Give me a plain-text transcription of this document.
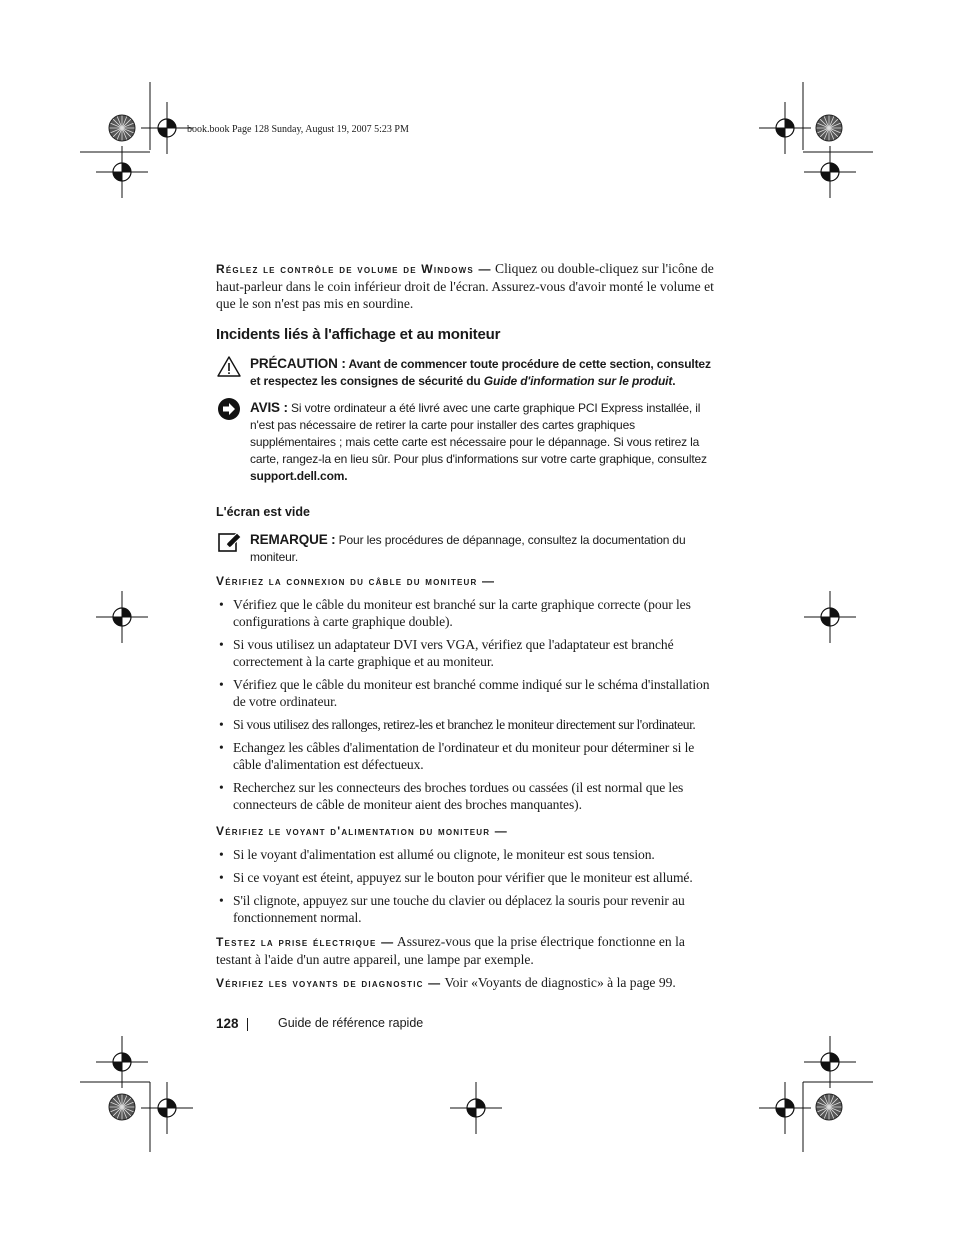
book.book Page 128 Sunday, August 19, 2007 5:23 PM
Réglez le contrôle de volume de Windows — Cliquez ou double-cliquez sur l'icône de haut-parleur dans le coin inférieur droit de l'écran. Assurez-vous d'avoir monté le volume et que le son n'est pas mis en sourdine.
Incidents liés à l'affichage et au moniteur
PRÉCAUTION : Avant de commencer toute procédure de cette section, consultez et respectez les consignes de sécurité du Guide d'information sur le produit.
AVIS : Si votre ordinateur a été livré avec une carte graphique PCI Express installée, il n'est pas nécessaire de retirer la carte pour installer des cartes graphiques supplémentaires ; mais cette carte est nécessaire pour le dépannage. Si vous retirez la carte, rangez-la en lieu sûr. Pour plus d'informations sur votre carte graphique, consultez support.dell.com.
L'écran est vide
REMARQUE : Pour les procédures de dépannage, consultez la documentation du moniteur.
Vérifiez la connexion du câble du moniteur —
• Vérifiez que le câble du moniteur est branché sur la carte graphique correcte (pour les configurations à carte graphique double).
• Si vous utilisez un adaptateur DVI vers VGA, vérifiez que l'adaptateur est branché correctement à la carte graphique et au moniteur.
• Vérifiez que le câble du moniteur est branché comme indiqué sur le schéma d'installation de votre ordinateur.
• Si vous utilisez des rallonges, retirez-les et branchez le moniteur directement sur l'ordinateur.
• Echangez les câbles d'alimentation de l'ordinateur et du moniteur pour déterminer si le câble d'alimentation est défectueux.
• Recherchez sur les connecteurs des broches tordues ou cassées (il est normal que les connecteurs de câble de moniteur aient des broches manquantes).
Vérifiez le voyant d'alimentation du moniteur —
• Si le voyant d'alimentation est allumé ou clignote, le moniteur est sous tension.
• Si ce voyant est éteint, appuyez sur le bouton pour vérifier que le moniteur est allumé.
• S'il clignote, appuyez sur une touche du clavier ou déplacez la souris pour revenir au fonctionnement normal.
Testez la prise électrique — Assurez-vous que la prise électrique fonctionne en la testant à l'aide d'un autre appareil, une lampe par exemple.
Vérifiez les voyants de diagnostic — Voir «Voyants de diagnostic» à la page 99.
128	Guide de référence rapide
